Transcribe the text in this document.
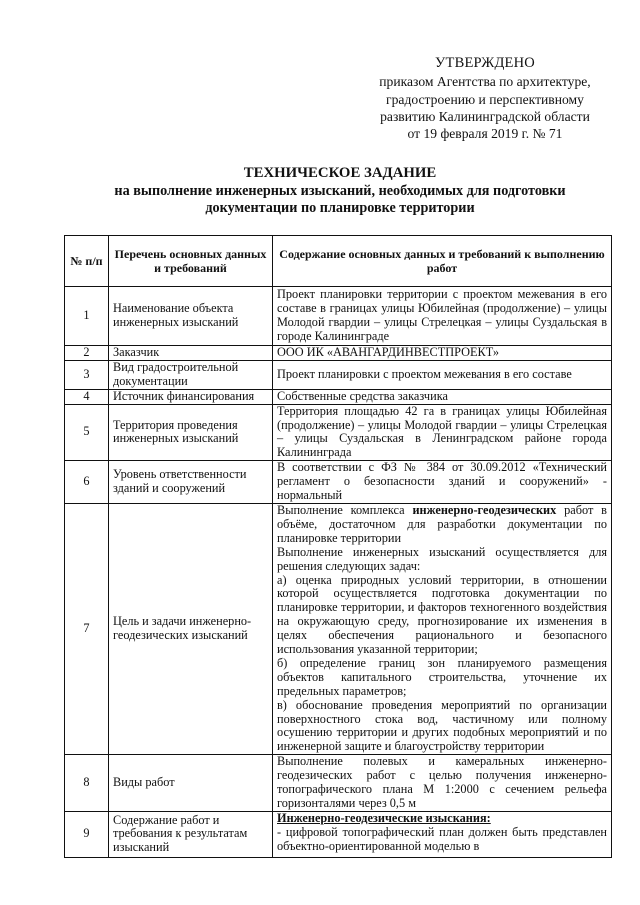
УТВЕРЖДЕНО
приказом Агентства по архитектуре,
градостроению и перспективному
развитию Калининградской области
от 19 февраля 2019 г. № 71
ТЕХНИЧЕСКОЕ ЗАДАНИЕ
на выполнение инженерных изысканий, необходимых для подготовки
документации по планировке территории
№ п/п	Перечень основных данных и требований	Содержание основных данных и требований к выполнению работ
1	Наименование объекта инженерных изысканий	Проект планировки территории с проектом межевания в его составе в границах улицы Юбилейная (продолжение) – улицы Молодой гвардии – улицы Стрелецкая – улицы Суздальская в городе Калининграде
2	Заказчик	ООО ИК «АВАНГАРДИНВЕСТПРОЕКТ»
3	Вид градостроительной документации	Проект планировки с проектом межевания в его составе
4	Источник финансирования	Собственные средства заказчика
5	Территория проведения инженерных изысканий	Территория площадью 42 га в границах улицы Юбилейная (продолжение) – улицы Молодой гвардии – улицы Стрелецкая – улицы Суздальская в Ленинградском районе города Калининграда
6	Уровень ответственности зданий и сооружений	В соответствии с ФЗ № 384 от 30.09.2012 «Технический регламент о безопасности зданий и сооружений» - нормальный
7	Цель и задачи инженерно-геодезических изысканий	Выполнение комплекса инженерно-геодезических работ в объёме, достаточном для разработки документации по планировке территории
Выполнение инженерных изысканий осуществляется для решения следующих задач:
а) оценка природных условий территории, в отношении которой осуществляется подготовка документации по планировке территории, и факторов техногенного воздействия на окружающую среду, прогнозирование их изменения в целях обеспечения рационального и безопасного использования указанной территории;
б) определение границ зон планируемого размещения объектов капитального строительства, уточнение их предельных параметров;
в) обоснование проведения мероприятий по организации поверхностного стока вод, частичному или полному осушению территории и других подобных мероприятий и по инженерной защите и благоустройству территории

8	Виды работ	Выполнение полевых и камеральных инженерно-геодезических работ с целью получения инженерно-топографического плана М 1:2000 с сечением рельефа горизонталями через 0,5 м
9	Содержание работ и требования к результатам изысканий	Инженерно-геодезические изыскания:
- цифровой топографический план должен быть представлен объектно-ориентированной моделью в
